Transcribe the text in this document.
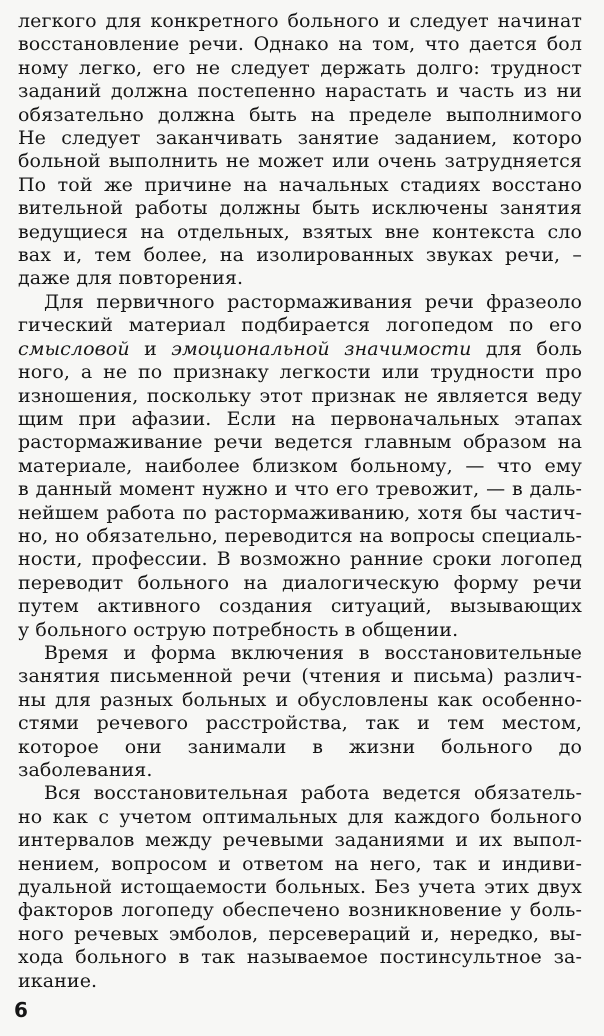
легкого для конкретного больного и следует начинат
восстановление речи. Однако на том, что дается бол
ному легко, его не следует держать долго: трудност
заданий должна постепенно нарастать и часть из ни
обязательно должна быть на пределе выполнимого
Не следует заканчивать занятие заданием, которо
больной выполнить не может или очень затрудняется
По той же причине на начальных стадиях восстано
вительной работы должны быть исключены занятия
ведущиеся на отдельных, взятых вне контекста сло
вах и, тем более, на изолированных звуках речи, –
даже для повторения.
Для первичного растормаживания речи фразеоло
гический материал подбирается логопедом по его
смысловой и эмоциональной значимости для боль
ного, а не по признаку легкости или трудности про
изношения, поскольку этот признак не является веду
щим при афазии. Если на первоначальных этапах
растормаживание речи ведется главным образом на
материале, наиболее близком больному, — что ему
в данный момент нужно и что его тревожит, — в даль-
нейшем работа по растормаживанию, хотя бы частич-
но, но обязательно, переводится на вопросы специаль-
ности, профессии. В возможно ранние сроки логопед
переводит больного на диалогическую форму речи
путем активного создания ситуаций, вызывающих
у больного острую потребность в общении.
Время и форма включения в восстановительные
занятия письменной речи (чтения и письма) различ-
ны для разных больных и обусловлены как особенно-
стями речевого расстройства, так и тем местом,
которое они занимали в жизни больного до
заболевания.
Вся восстановительная работа ведется обязатель-
но как с учетом оптимальных для каждого больного
интервалов между речевыми заданиями и их выпол-
нением, вопросом и ответом на него, так и индиви-
дуальной истощаемости больных. Без учета этих двух
факторов логопеду обеспечено возникновение у боль-
ного речевых эмболов, персевераций и, нередко, вы-
хода больного в так называемое постинсультное за-
икание.
6
